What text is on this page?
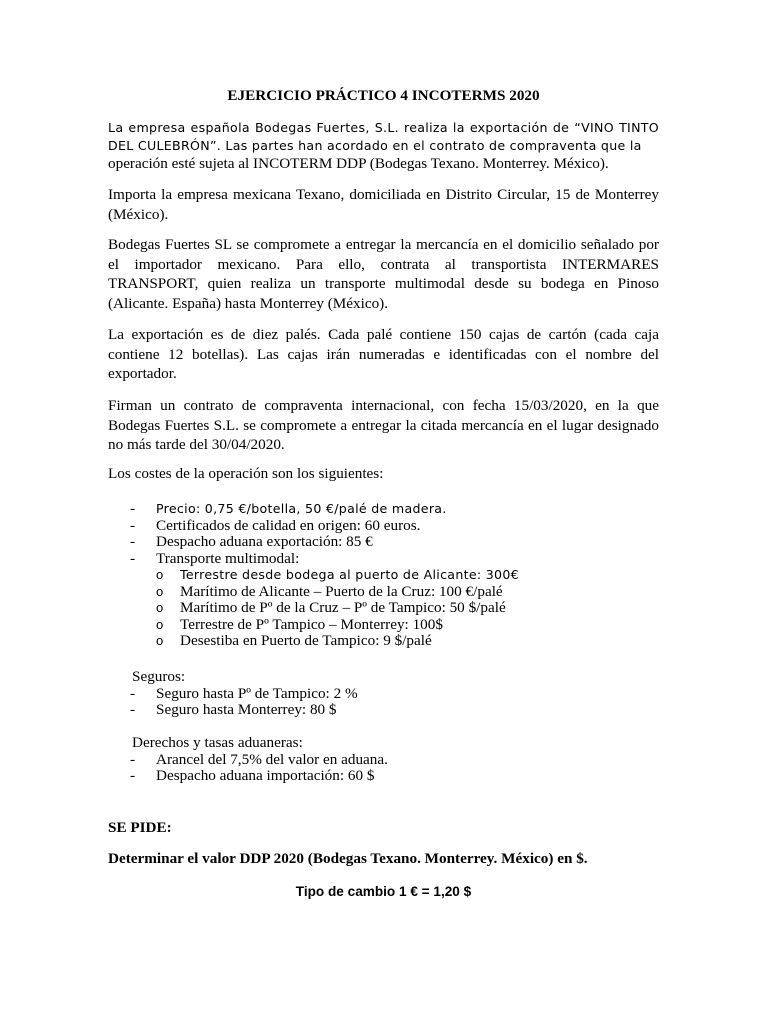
EJERCICIO PRÁCTICO 4 INCOTERMS 2020

La empresa española Bodegas Fuertes, S.L. realiza la exportación de “VINO TINTO DEL CULEBRÓN”. Las partes han acordado en el contrato de compraventa que la

operación esté sujeta al INCOTERM DDP (Bodegas Texano. Monterrey. México).

Importa la empresa mexicana Texano, domiciliada en Distrito Circular, 15 de Monterrey (México).

Bodegas Fuertes SL se compromete a entregar la mercancía en el domicilio señalado por el importador mexicano. Para ello, contrata al transportista INTERMARES TRANSPORT, quien realiza un transporte multimodal desde su bodega en Pinoso (Alicante. España) hasta Monterrey (México).

La exportación es de diez palés. Cada palé contiene 150 cajas de cartón (cada caja contiene 12 botellas). Las cajas irán numeradas e identificadas con el nombre del exportador.

Firman un contrato de compraventa internacional, con fecha 15/03/2020, en la que Bodegas Fuertes S.L. se compromete a entregar la citada mercancía en el lugar designado no más tarde del 30/04/2020.

Los costes de la operación son los siguientes:

- Precio: 0,75 €/botella, 50 €/palé de madera.
- Certificados de calidad en origen: 60 euros.
- Despacho aduana exportación: 85 €
- Transporte multimodal:
o Terrestre desde bodega al puerto de Alicante: 300€
o Marítimo de Alicante – Puerto de la Cruz: 100 €/palé
o Marítimo de Pº de la Cruz – Pº de Tampico: 50 $/palé
o Terrestre de Pº Tampico – Monterrey: 100$
o Desestiba en Puerto de Tampico: 9 $/palé
Seguros:
- Seguro hasta Pº de Tampico: 2 %
- Seguro hasta Monterrey: 80 $
Derechos y tasas aduaneras:
- Arancel del 7,5% del valor en aduana.
- Despacho aduana importación: 60 $
SE PIDE:
Determinar el valor DDP 2020 (Bodegas Texano. Monterrey. México) en $.
Tipo de cambio 1 € = 1,20 $
